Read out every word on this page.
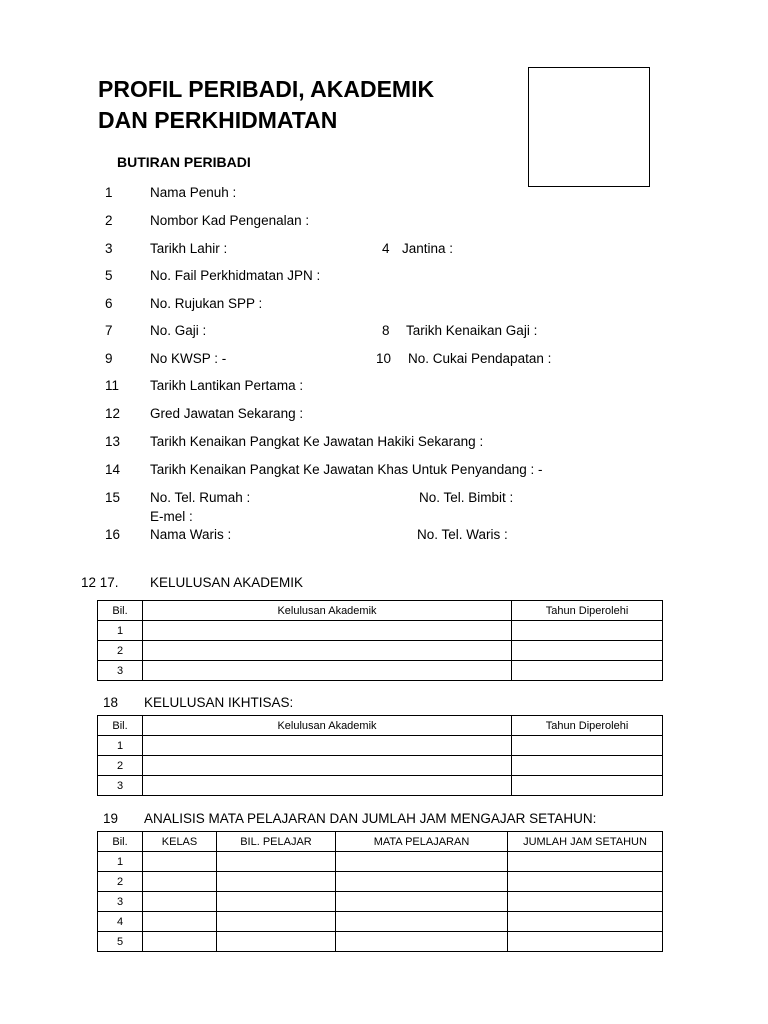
PROFIL PERIBADI, AKADEMIK
DAN PERKHIDMATAN
BUTIRAN PERIBADI
1	Nama Penuh :
2	Nombor Kad Pengenalan :
3	Tarikh Lahir :	4 Jantina :
5	No. Fail Perkhidmatan JPN :
6	No. Rujukan SPP :
7	No. Gaji :	8 Tarikh Kenaikan Gaji :
9	No KWSP : -	10 No. Cukai Pendapatan :
11 Tarikh Lantikan Pertama :
12 Gred Jawatan Sekarang :
13 Tarikh Kenaikan Pangkat Ke Jawatan Hakiki Sekarang :
14 Tarikh Kenaikan Pangkat Ke Jawatan Khas Untuk Penyandang : -
15 No. Tel. Rumah :	No. Tel. Bimbit :
E-mel :
16 Nama Waris :	No. Tel. Waris :
12 17. KELULUSAN AKADEMIK
Bil.	Kelulusan Akademik	Tahun Diperolehi
1		
2		
3		
18 KELULUSAN IKHTISAS:
Bil.	Kelulusan Akademik	Tahun Diperolehi
1		
2		
3		
19 ANALISIS MATA PELAJARAN DAN JUMLAH JAM MENGAJAR SETAHUN:
Bil.	KELAS	BIL. PELAJAR	MATA PELAJARAN	JUMLAH JAM SETAHUN
1				
2				
3				
4				
5				
